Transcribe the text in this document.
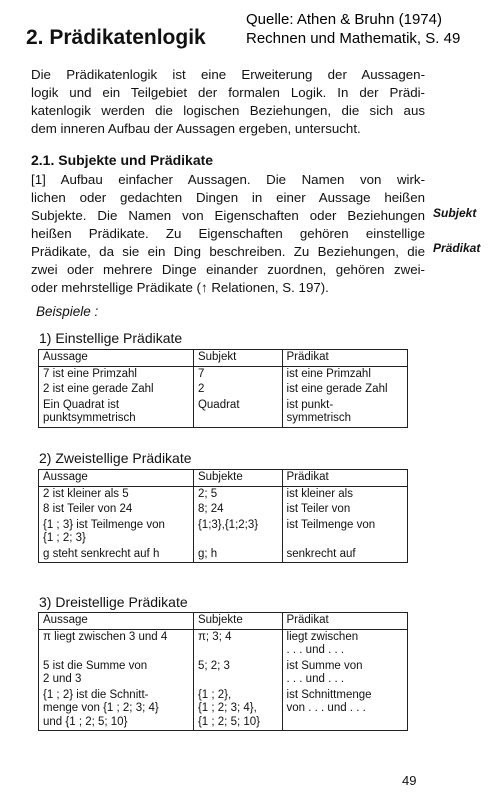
Quelle: Athen & Bruhn (1974)
Rechnen und Mathematik, S. 49
2. Prädikatenlogik
Die Prädikatenlogik ist eine Erweiterung der Aussagen-
logik und ein Teilgebiet der formalen Logik. In der Prädi-
katenlogik werden die logischen Beziehungen, die sich aus
dem inneren Aufbau der Aussagen ergeben, untersucht.
2.1. Subjekte und Prädikate
[1] Aufbau einfacher Aussagen. Die Namen von wirk-
lichen oder gedachten Dingen in einer Aussage heißen
Subjekte. Die Namen von Eigenschaften oder Beziehungen
heißen Prädikate. Zu Eigenschaften gehören einstellige
Prädikate, da sie ein Ding beschreiben. Zu Beziehungen, die
zwei oder mehrere Dinge einander zuordnen, gehören zwei-
oder mehrstellige Prädikate (↑ Relationen, S. 197).
Subjekt
Prädikat
Beispiele :
1) Einstellige Prädikate
Aussage	Subjekt	Prädikat
7 ist eine Primzahl	7	ist eine Primzahl
2 ist eine gerade Zahl	2	ist eine gerade Zahl
Ein Quadrat ist
punktsymmetrisch	Quadrat	ist punkt-
symmetrisch
2) Zweistellige Prädikate
Aussage	Subjekte	Prädikat
2 ist kleiner als 5	2; 5	ist kleiner als
8 ist Teiler von 24	8; 24	ist Teiler von
{1 ; 3} ist Teilmenge von
{1 ; 2; 3}	{1;3},{1;2;3}	ist Teilmenge von
g steht senkrecht auf h	g; h	senkrecht auf
3) Dreistellige Prädikate
Aussage	Subjekte	Prädikat
π liegt zwischen 3 und 4	π; 3; 4	liegt zwischen
. . . und . . .
5 ist die Summe von
2 und 3	5; 2; 3	ist Summe von
. . . und . . .
{1 ; 2} ist die Schnitt-
menge von {1 ; 2; 3; 4}
und {1 ; 2; 5; 10}	{1 ; 2},
{1 ; 2; 3; 4},
{1 ; 2; 5; 10}	ist Schnittmenge
von . . . und . . .
49
